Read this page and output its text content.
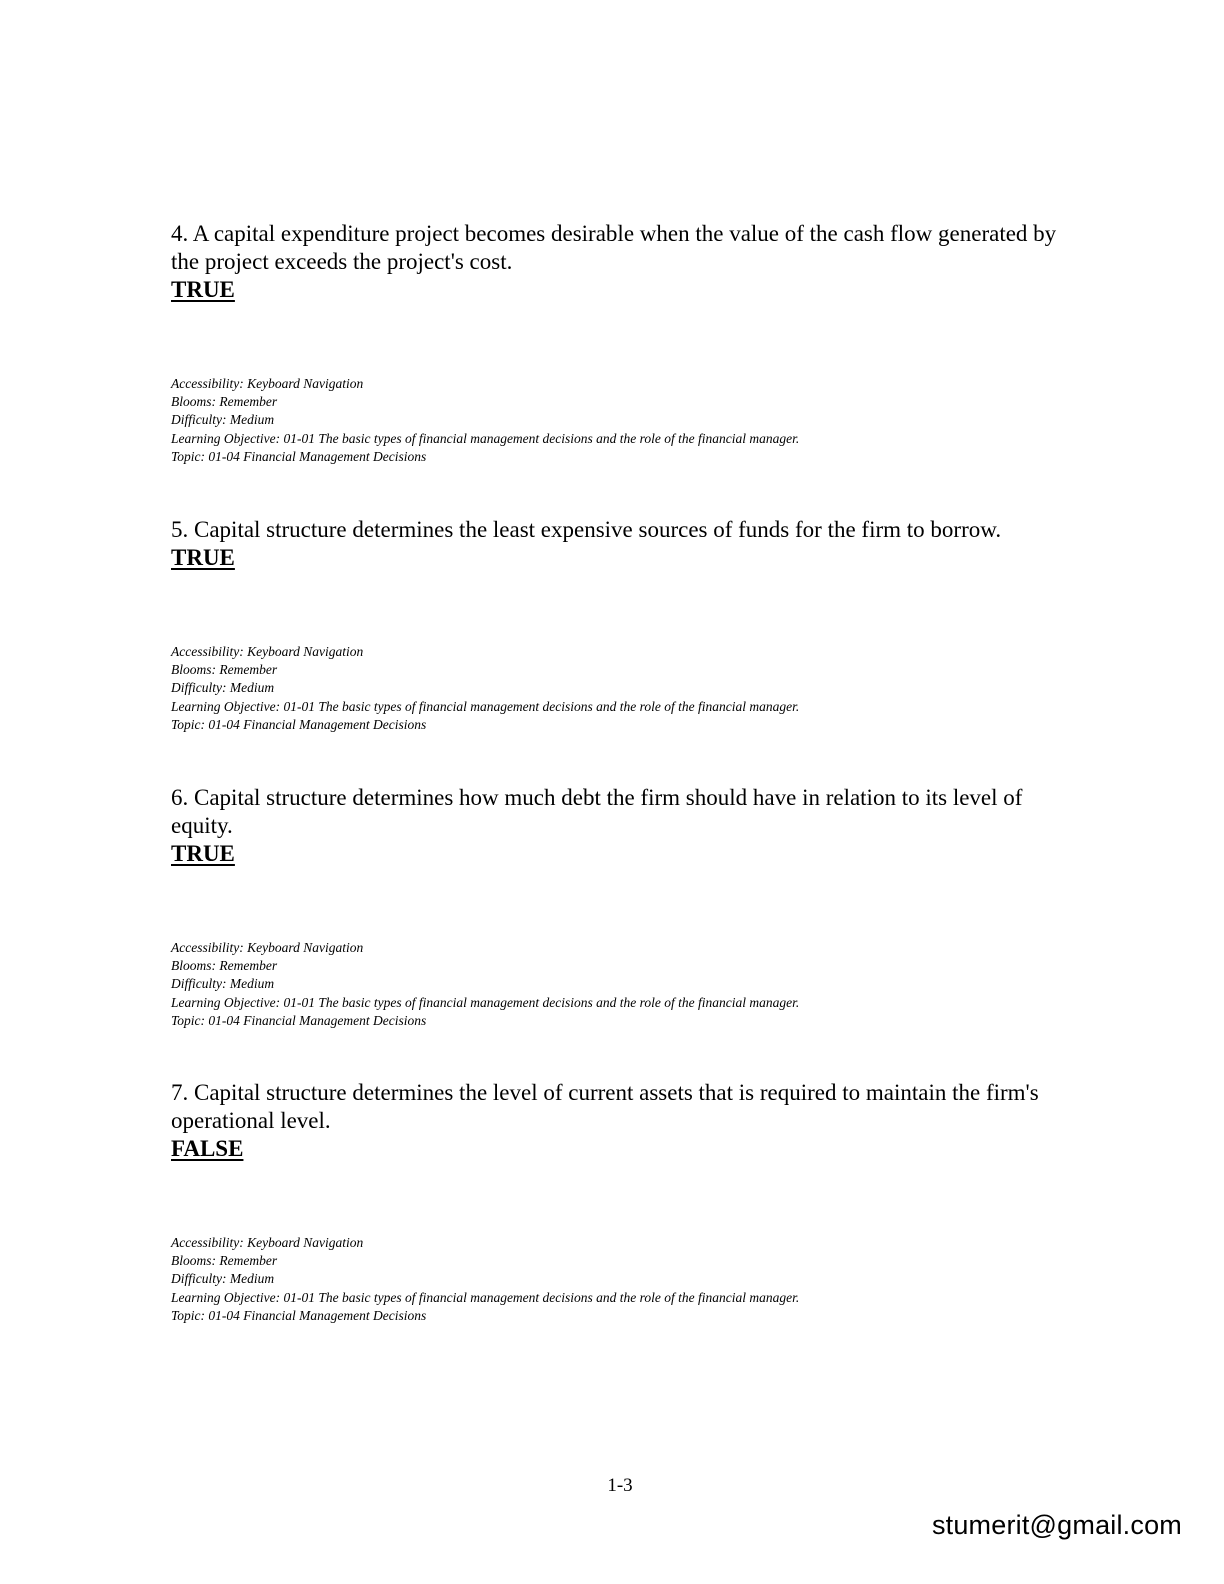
4. A capital expenditure project becomes desirable when the value of the cash flow generated by the project exceeds the project's cost.

TRUE

Accessibility: Keyboard Navigation
Blooms: Remember
Difficulty: Medium
Learning Objective: 01-01 The basic types of financial management decisions and the role of the financial manager.
Topic: 01-04 Financial Management Decisions

5. Capital structure determines the least expensive sources of funds for the firm to borrow.

TRUE

Accessibility: Keyboard Navigation
Blooms: Remember
Difficulty: Medium
Learning Objective: 01-01 The basic types of financial management decisions and the role of the financial manager.
Topic: 01-04 Financial Management Decisions

6. Capital structure determines how much debt the firm should have in relation to its level of equity.

TRUE

Accessibility: Keyboard Navigation
Blooms: Remember
Difficulty: Medium
Learning Objective: 01-01 The basic types of financial management decisions and the role of the financial manager.
Topic: 01-04 Financial Management Decisions

7. Capital structure determines the level of current assets that is required to maintain the firm's operational level.

FALSE

Accessibility: Keyboard Navigation
Blooms: Remember
Difficulty: Medium
Learning Objective: 01-01 The basic types of financial management decisions and the role of the financial manager.
Topic: 01-04 Financial Management Decisions
1-3
stumerit@gmail.com
